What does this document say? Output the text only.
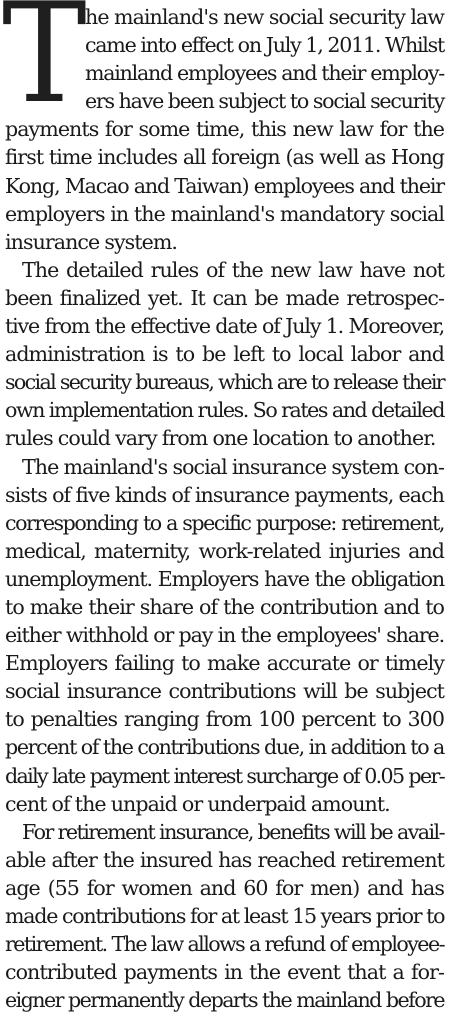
T
he mainland's new social security law
came into effect on July 1, 2011. Whilst
mainland employees and their employ-
ers have been subject to social security
payments for some time, this new law for the
first time includes all foreign (as well as Hong
Kong, Macao and Taiwan) employees and their
employers in the mainland's mandatory social
insurance system.
The detailed rules of the new law have not
been finalized yet. It can be made retrospec-
tive from the effective date of July 1. Moreover,
administration is to be left to local labor and
social security bureaus, which are to release their
own implementation rules. So rates and detailed
rules could vary from one location to another.
The mainland's social insurance system con-
sists of five kinds of insurance payments, each
corresponding to a specific purpose: retirement,
medical, maternity, work-related injuries and
unemployment. Employers have the obligation
to make their share of the contribution and to
either withhold or pay in the employees' share.
Employers failing to make accurate or timely
social insurance contributions will be subject
to penalties ranging from 100 percent to 300
percent of the contributions due, in addition to a
daily late payment interest surcharge of 0.05 per-
cent of the unpaid or underpaid amount.
For retirement insurance, benefits will be avail-
able after the insured has reached retirement
age (55 for women and 60 for men) and has
made contributions for at least 15 years prior to
retirement. The law allows a refund of employee-
contributed payments in the event that a for-
eigner permanently departs the mainland before
